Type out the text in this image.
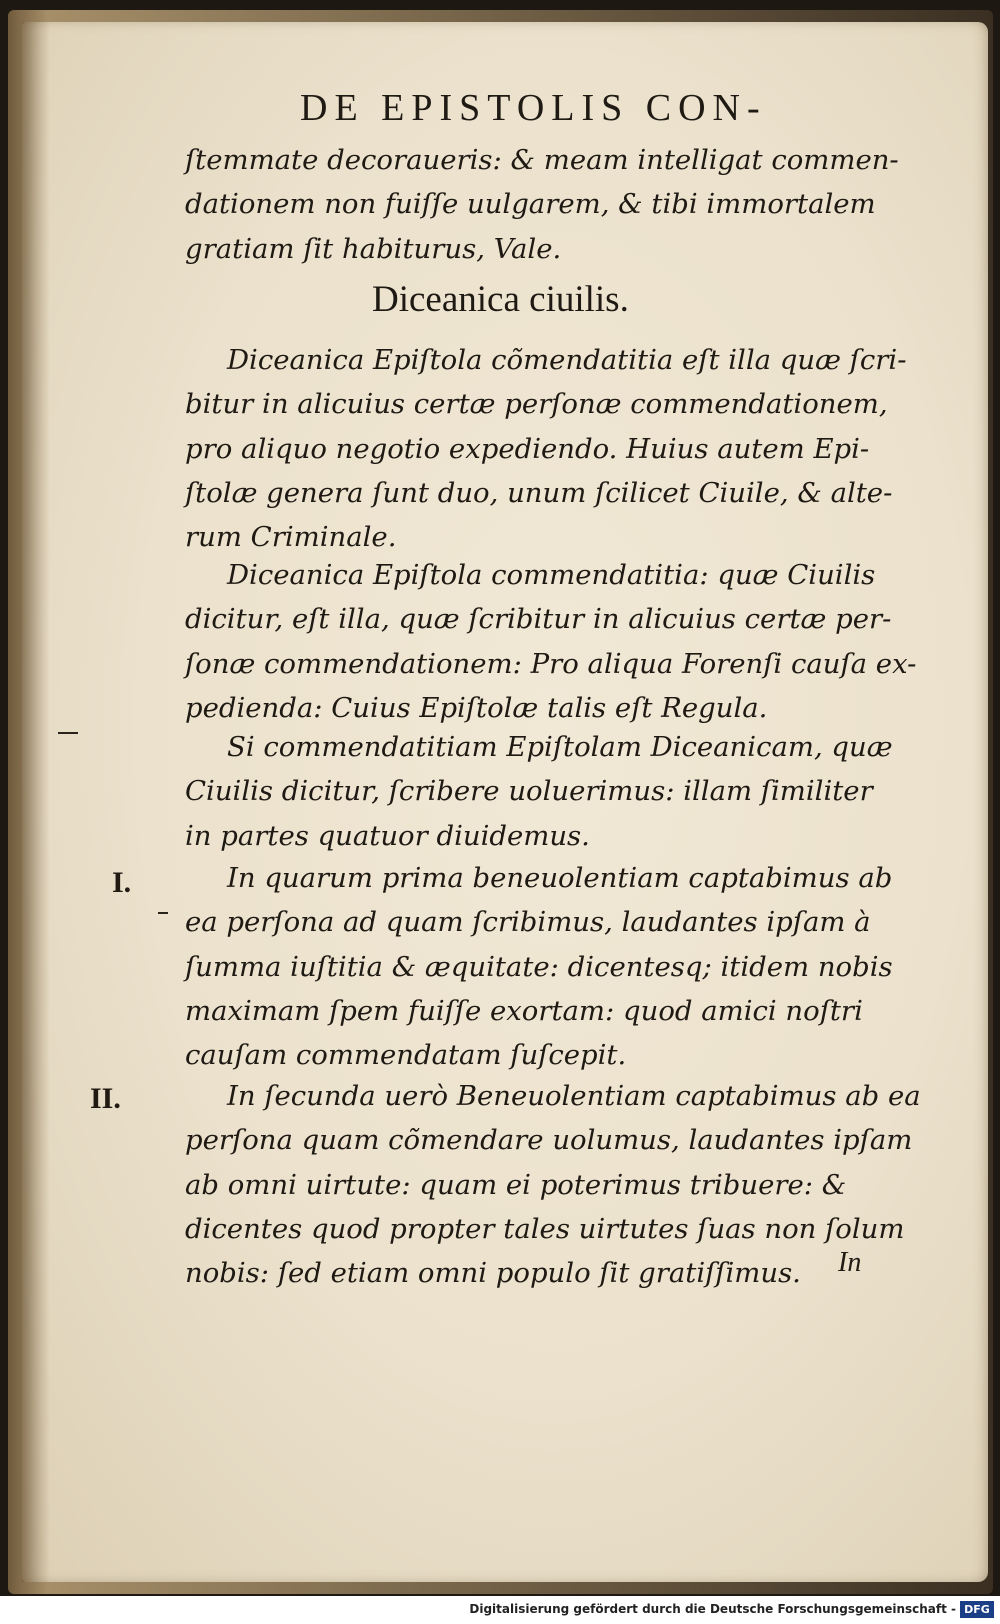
DE EPISTOLIS CON-
ſtemmate decoraueris: & meam intelligat commen-
dationem non fuiſſe uulgarem, & tibi immortalem
gratiam ſit habiturus, Vale.
Diceanica ciuilis.
Diceanica Epiſtola cõmendatitia eſt illa quæ ſcri-
bitur in alicuius certæ perſonæ commendationem,
pro aliquo negotio expediendo. Huius autem Epi-
ſtolæ genera ſunt duo, unum ſcilicet Ciuile, & alte-
rum Criminale.
Diceanica Epiſtola commendatitia: quæ Ciuilis
dicitur, eſt illa, quæ ſcribitur in alicuius certæ per-
ſonæ commendationem: Pro aliqua Forenſi cauſa ex-
pedienda: Cuius Epiſtolæ talis eſt Regula.
Si commendatitiam Epiſtolam Diceanicam, quæ
Ciuilis dicitur, ſcribere uoluerimus: illam ſimiliter
in partes quatuor diuidemus.
In quarum prima beneuolentiam captabimus ab
ea perſona ad quam ſcribimus, laudantes ipſam à
ſumma iuſtitia & æquitate: dicentesq; itidem nobis
maximam ſpem fuiſſe exortam: quod amici noſtri
cauſam commendatam ſuſcepit.
In ſecunda uerò Beneuolentiam captabimus ab ea
perſona quam cõmendare uolumus, laudantes ipſam
ab omni uirtute: quam ei poterimus tribuere: &
dicentes quod propter tales uirtutes ſuas non ſolum
nobis: ſed etiam omni populo ſit gratiſſimus.	In
I.
II.
Digitalisierung gefördert durch die Deutsche Forschungsgemeinschaft - DFG
